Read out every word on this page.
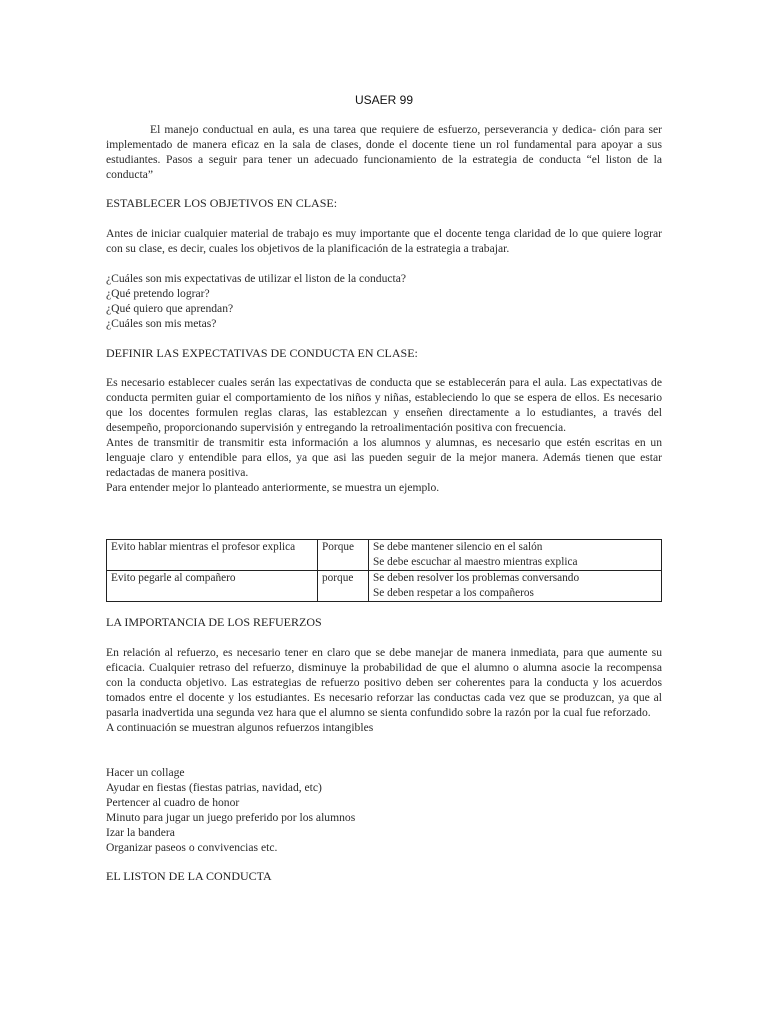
USAER 99

El manejo conductual en aula, es una tarea que requiere de esfuerzo, perseverancia y dedica- ción para ser implementado de manera eficaz en la sala de clases, donde el docente tiene un rol fundamental para apoyar a sus estudiantes. Pasos a seguir para tener un adecuado funcionamiento de la estrategia de conducta “el liston de la conducta”

ESTABLECER LOS OBJETIVOS EN CLASE:

Antes de iniciar cualquier material de trabajo es muy importante que el docente tenga claridad de lo que quiere lograr con su clase, es decir, cuales los objetivos de la planificación de la estrategia a trabajar.

¿Cuáles son mis expectativas de utilizar el liston de la conducta?
¿Qué pretendo lograr?
¿Qué quiero que aprendan?
¿Cuáles son mis metas?
DEFINIR LAS EXPECTATIVAS DE CONDUCTA EN CLASE:
Es necesario establecer cuales serán las expectativas de conducta que se establecerán para el aula. Las expectativas de conducta permiten guiar el comportamiento de los niños y niñas, estableciendo lo que se espera de ellos. Es necesario que los docentes formulen reglas claras, las establezcan y enseñen directamente a lo estudiantes, a través del desempeño, proporcionando supervisión y entregando la retroalimentación positiva con frecuencia.
Antes de transmitir de transmitir esta información a los alumnos y alumnas, es necesario que estén escritas en un lenguaje claro y entendible para ellos, ya que asi las pueden seguir de la mejor manera. Además tienen que estar redactadas de manera positiva.
Para entender mejor lo planteado anteriormente, se muestra un ejemplo.
Evito hablar mientras el profesor explica	Porque	Se debe mantener silencio en el salón
Se debe escuchar al maestro mientras explica

Evito pegarle al compañero	porque	Se deben resolver los problemas conversando
Se deben respetar a los compañeros
LA IMPORTANCIA DE LOS REFUERZOS
En relación al refuerzo, es necesario tener en claro que se debe manejar de manera inmediata, para que aumente su eficacia. Cualquier retraso del refuerzo, disminuye la probabilidad de que el alumno o alumna asocie la recompensa con la conducta objetivo. Las estrategias de refuerzo positivo deben ser coherentes para la conducta y los acuerdos tomados entre el docente y los estudiantes. Es necesario reforzar las conductas cada vez que se produzcan, ya que al pasarla inadvertida una segunda vez hara que el alumno se sienta confundido sobre la razón por la cual fue reforzado.
A continuación se muestran algunos refuerzos intangibles
Hacer un collage
Ayudar en fiestas (fiestas patrias, navidad, etc)
Pertencer al cuadro de honor
Minuto para jugar un juego preferido por los alumnos
Izar la bandera
Organizar paseos o convivencias etc.
EL LISTON DE LA CONDUCTA
